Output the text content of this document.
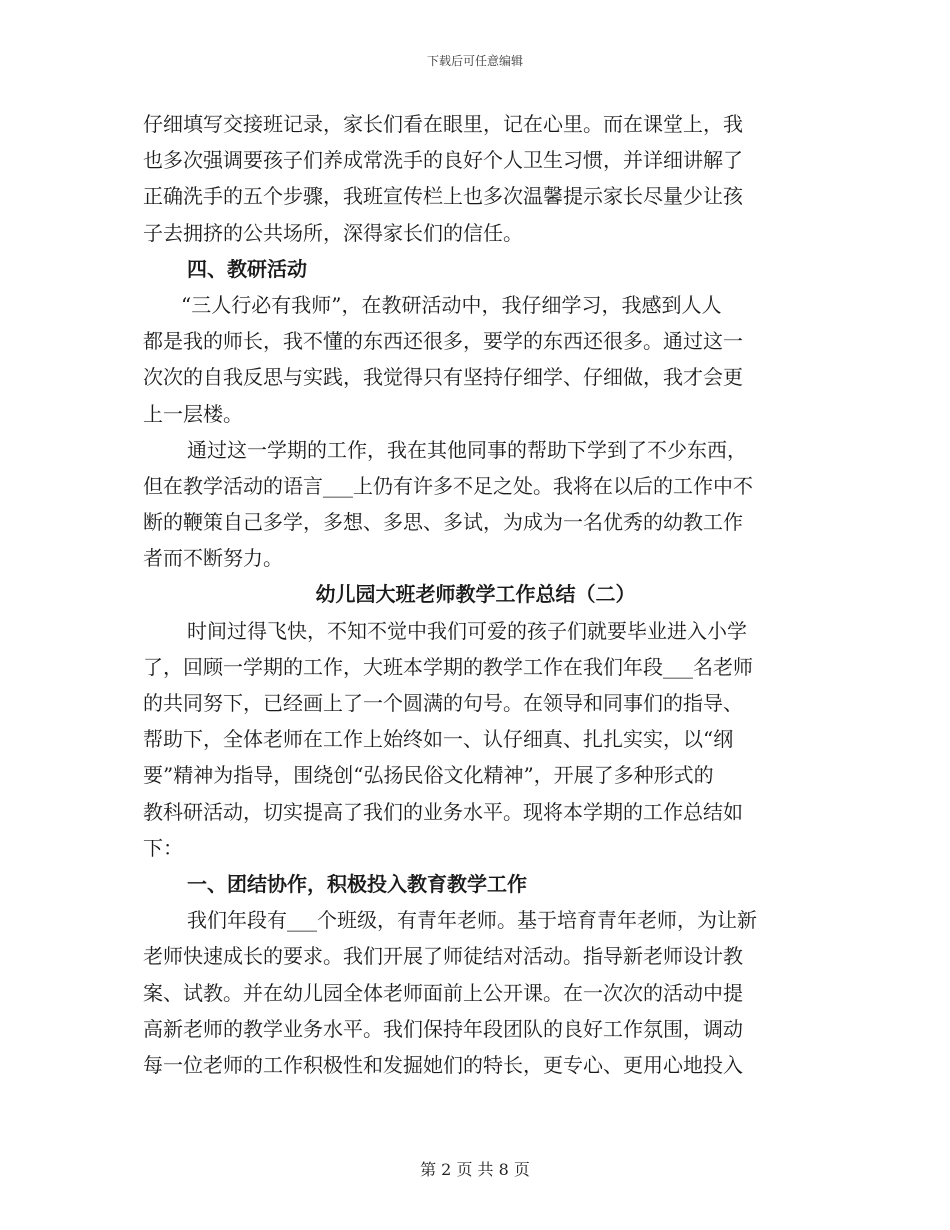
下载后可任意编辑
仔细填写交接班记录，家长们看在眼里，记在心里。而在课堂上，我
也多次强调要孩子们养成常洗手的良好个人卫生习惯，并详细讲解了
正确洗手的五个步骤，我班宣传栏上也多次温馨提示家长尽量少让孩
子去拥挤的公共场所，深得家长们的信任。
四、教研活动
“三人行必有我师”，在教研活动中，我仔细学习，我感到人人
都是我的师长，我不懂的东西还很多，要学的东西还很多。通过这一
次次的自我反思与实践，我觉得只有坚持仔细学、仔细做，我才会更
上一层楼。
通过这一学期的工作，我在其他同事的帮助下学到了不少东西，
但在教学活动的语言___上仍有许多不足之处。我将在以后的工作中不
断的鞭策自己多学，多想、多思、多试，为成为一名优秀的幼教工作
者而不断努力。
幼儿园大班老师教学工作总结（二）
时间过得飞快，不知不觉中我们可爱的孩子们就要毕业进入小学
了，回顾一学期的工作，大班本学期的教学工作在我们年段___名老师
的共同努下，已经画上了一个圆满的句号。在领导和同事们的指导、
帮助下，全体老师在工作上始终如一、认仔细真、扎扎实实，以“纲
要”精神为指导，围绕创“弘扬民俗文化精神”，开展了多种形式的
教科研活动，切实提高了我们的业务水平。现将本学期的工作总结如
下：
一、团结协作，积极投入教育教学工作
我们年段有___个班级，有青年老师。基于培育青年老师，为让新
老师快速成长的要求。我们开展了师徒结对活动。指导新老师设计教
案、试教。并在幼儿园全体老师面前上公开课。在一次次的活动中提
高新老师的教学业务水平。我们保持年段团队的良好工作氛围，调动
每一位老师的工作积极性和发掘她们的特长，更专心、更用心地投入
第 2 页 共 8 页
